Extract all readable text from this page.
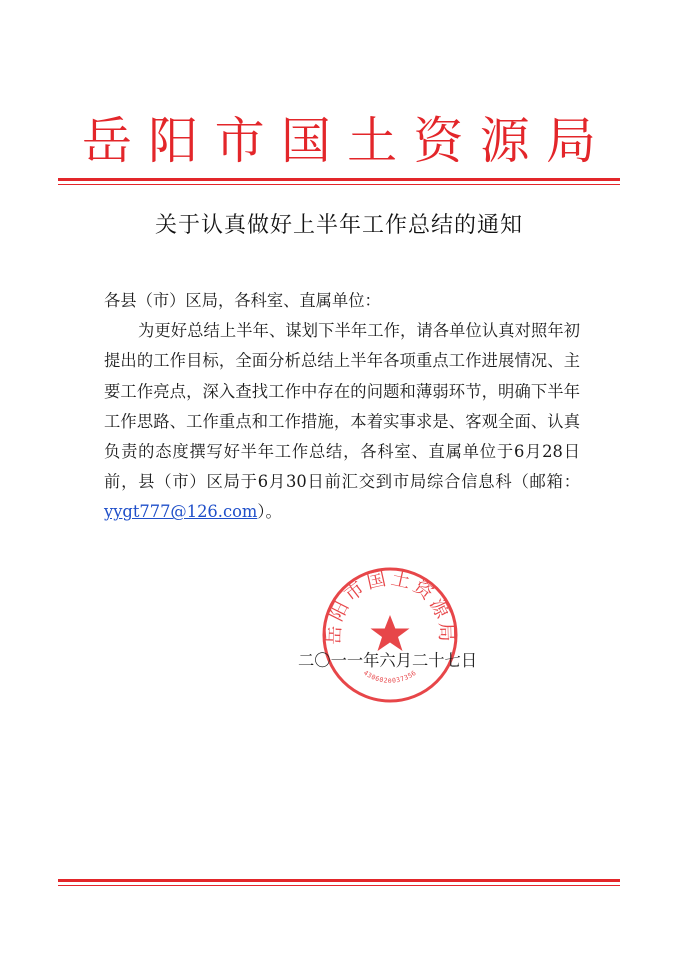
岳 阳 市 国 土 资 源 局
关于认真做好上半年工作总结的通知

各县（市）区局，各科室、直属单位：

为更好总结上半年、谋划下半年工作，请各单位认真对照年初提出的工作目标，全面分析总结上半年各项重点工作进展情况、主要工作亮点，深入查找工作中存在的问题和薄弱环节，明确下半年工作思路、工作重点和工作措施，本着实事求是、客观全面、认真负责的态度撰写好半年工作总结，各科室、直属单位于6月28日前，县（市）区局于6月30日前汇交到市局综合信息科（邮箱：yygt777@126.com）。

岳阳市国土资源局
4306020037356
二〇一一年六月二十七日
